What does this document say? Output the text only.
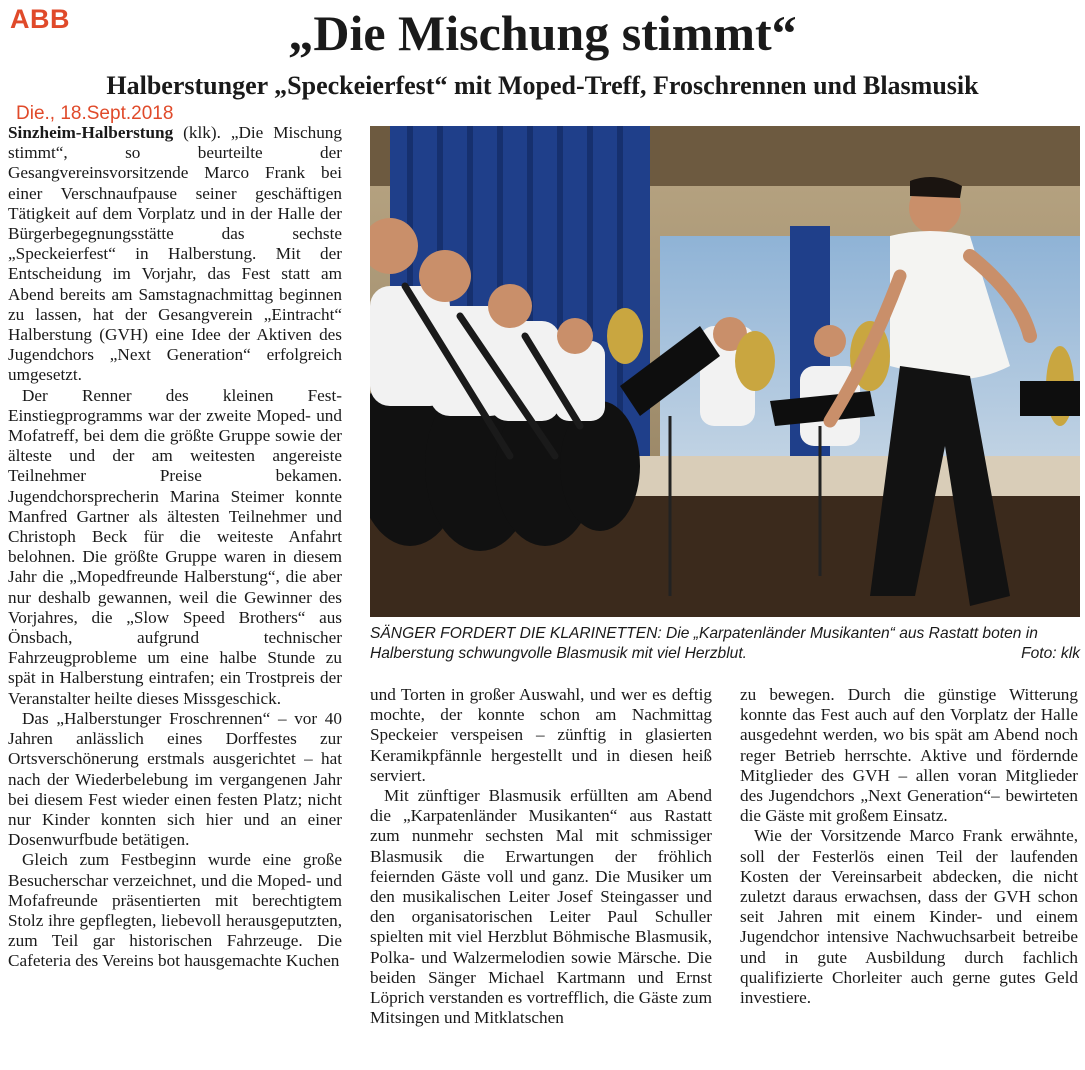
ABB	„Die Mischung stimmt“
Halberstunger „Speckeierfest“ mit Moped-Treff, Froschrennen und Blasmusik
Die., 18.Sept.2018

Sinzheim-Halberstung (klk). „Die Mischung stimmt“, so beurteilte der Gesangvereinsvorsitzende Marco Frank bei einer Verschnaufpause seiner geschäftigen Tätigkeit auf dem Vorplatz und in der Halle der Bürgerbegegnungsstätte das sechste „Speckeierfest“ in Halberstung. Mit der Entscheidung im Vorjahr, das Fest statt am Abend bereits am Samstagnachmittag beginnen zu lassen, hat der Gesangverein „Eintracht“ Halberstung (GVH) eine Idee der Aktiven des Jugendchors „Next Generation“ erfolgreich umgesetzt.

Der Renner des kleinen Fest-Einstiegprogramms war der zweite Moped- und Mofatreff, bei dem die größte Gruppe sowie der älteste und der am weitesten angereiste Teilnehmer Preise bekamen. Jugendchorsprecherin Marina Steimer konnte Manfred Gartner als ältesten Teilnehmer und Christoph Beck für die weiteste Anfahrt belohnen. Die größte Gruppe waren in diesem Jahr die „Mopedfreunde Halberstung“, die aber nur deshalb gewannen, weil die Gewinner des Vorjahres, die „Slow Speed Brothers“ aus Önsbach, aufgrund technischer Fahrzeugprobleme um eine halbe Stunde zu spät in Halberstung eintrafen; ein Trostpreis der Veranstalter heilte dieses Missgeschick.

Das „Halberstunger Froschrennen“ – vor 40 Jahren anlässlich eines Dorffestes zur Ortsverschönerung erstmals ausgerichtet – hat nach der Wiederbelebung im vergangenen Jahr bei diesem Fest wieder einen festen Platz; nicht nur Kinder konnten sich hier und an einer Dosenwurfbude betätigen.

Gleich zum Festbeginn wurde eine große Besucherschar verzeichnet, und die Moped- und Mofafreunde präsentierten mit berechtigtem Stolz ihre gepflegten, liebevoll herausgeputzten, zum Teil gar historischen Fahrzeuge. Die Cafeteria des Vereins bot hausgemachte Kuchen

SÄNGER FORDERT DIE KLARINETTEN: Die „Karpatenländer Musikanten“ aus Rastatt boten in Halberstung schwungvolle Blasmusik mit viel Herzblut.	Foto: klk

und Torten in großer Auswahl, und wer es deftig mochte, der konnte schon am Nachmittag Speckeier verspeisen – zünftig in glasierten Keramikpfännle hergestellt und in diesen heiß serviert.

Mit zünftiger Blasmusik erfüllten am Abend die „Karpatenländer Musikanten“ aus Rastatt zum nunmehr sechsten Mal mit schmissiger Blasmusik die Erwartungen der fröhlich feiernden Gäste voll und ganz. Die Musiker um den musikalischen Leiter Josef Steingasser und den organisatorischen Leiter Paul Schuller spielten mit viel Herzblut Böhmische Blasmusik, Polka- und Walzermelodien sowie Märsche. Die beiden Sänger Michael Kartmann und Ernst Löprich verstanden es vortrefflich, die Gäste zum Mitsingen und Mitklatschen

zu bewegen. Durch die günstige Witterung konnte das Fest auch auf den Vorplatz der Halle ausgedehnt werden, wo bis spät am Abend noch reger Betrieb herrschte. Aktive und fördernde Mitglieder des GVH – allen voran Mitglieder des Jugendchors „Next Generation“– bewirteten die Gäste mit großem Einsatz.

Wie der Vorsitzende Marco Frank erwähnte, soll der Festerlös einen Teil der laufenden Kosten der Vereinsarbeit abdecken, die nicht zuletzt daraus erwachsen, dass der GVH schon seit Jahren mit einem Kinder- und einem Jugendchor intensive Nachwuchsarbeit betreibe und in gute Ausbildung durch fachlich qualifizierte Chorleiter auch gerne gutes Geld investiere.
